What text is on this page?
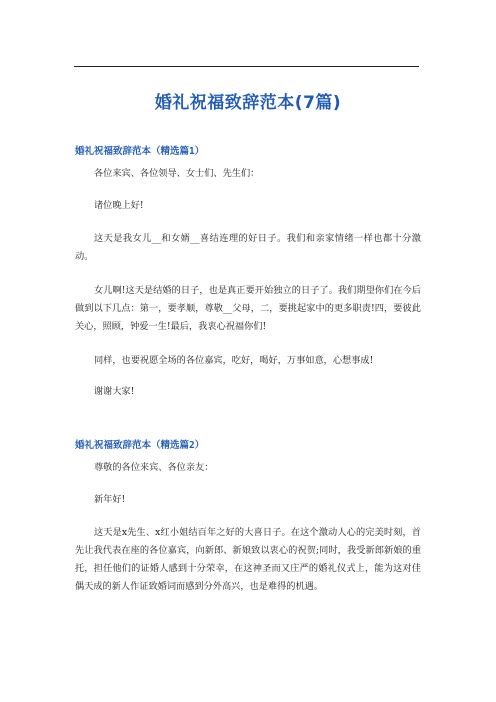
婚礼祝福致辞范本(7篇)
婚礼祝福致辞范本（精选篇1）

各位来宾、各位领导、女士们、先生们：

诸位晚上好!

这天是我女儿__和女婿__喜结连理的好日子。我们和亲家情绪一样也都十分激动。

女儿啊!这天是结婚的日子，也是真正要开始独立的日子了。我们期望你们在今后做到以下几点：第一，要孝顺，尊敬__父母，二，要挑起家中的更多职责!四，要彼此关心，照顾，钟爱一生!最后，我衷心祝福你们!

同样，也要祝愿全场的各位嘉宾，吃好，喝好，万事如意，心想事成!

谢谢大家!

婚礼祝福致辞范本（精选篇2）

尊敬的各位来宾、各位亲友：

新年好!

这天是x先生、x红小姐结百年之好的大喜日子。在这个激动人心的完美时刻，首先让我代表在座的各位嘉宾，向新郎、新娘致以衷心的祝贺;同时，我受新郎新娘的重托，担任他们的证婚人感到十分荣幸，在这神圣而又庄严的婚礼仪式上，能为这对佳偶天成的新人作证致婚词而感到分外高兴，也是难得的机遇。
